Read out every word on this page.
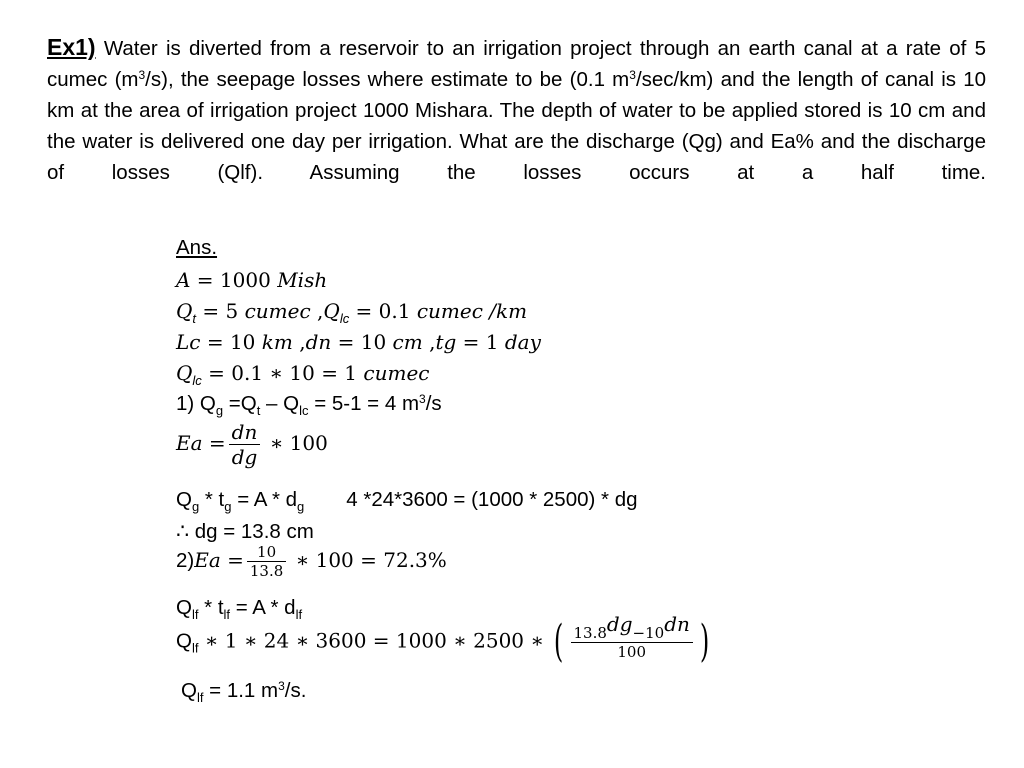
Ex1) Water is diverted from a reservoir to an irrigation project through an earth canal at a rate of 5 cumec $(m^3/s)$, the seepage losses where estimate to be (0.1 $m^3/\sec/km$) and the length of canal is 10 km at the area of irrigation project 1000 Mishara. The depth of water to be applied stored is 10 cm and the water is delivered one day per irrigation. What are the discharge (Qg) and Ea% and the discharge of losses (Qlf). Assuming the losses occurs at a half time.
Ans.
A = 1000 Mish
$Q_t = 5$ cumec $,Q_{lc} = 0.1$ cumec /km
Lc = 10 km ,dn = 10 cm ,tg = 1 day
$Q_{lc} = 0.1$ ∗ 10 = 1 cumec
1) $Q_g =Q_t - Q_{lc} = 5-1 = 4$ $m^3/s$
$Ea = \frac{dn}{dg}$ ∗ 100
$Q_g * t_g = A * d_g$ 4 *24*3600 = (1000 * 2500) * dg
∴ dg = 13.8 cm
$2)Ea = \frac{10}{13.8}$ ∗ 100 = 72.3%
$Q_{lf} * t_{lf} = A * d_{lf}$
$Q_{lf}$ ∗ 1 ∗ 24 ∗ 3600 = 1000 ∗ 2500 ∗ ( $\frac{13.8^{dg}-10^{dn}}{100}$ )
$Q_{lf} = 1.1$ $m^3/s$.
